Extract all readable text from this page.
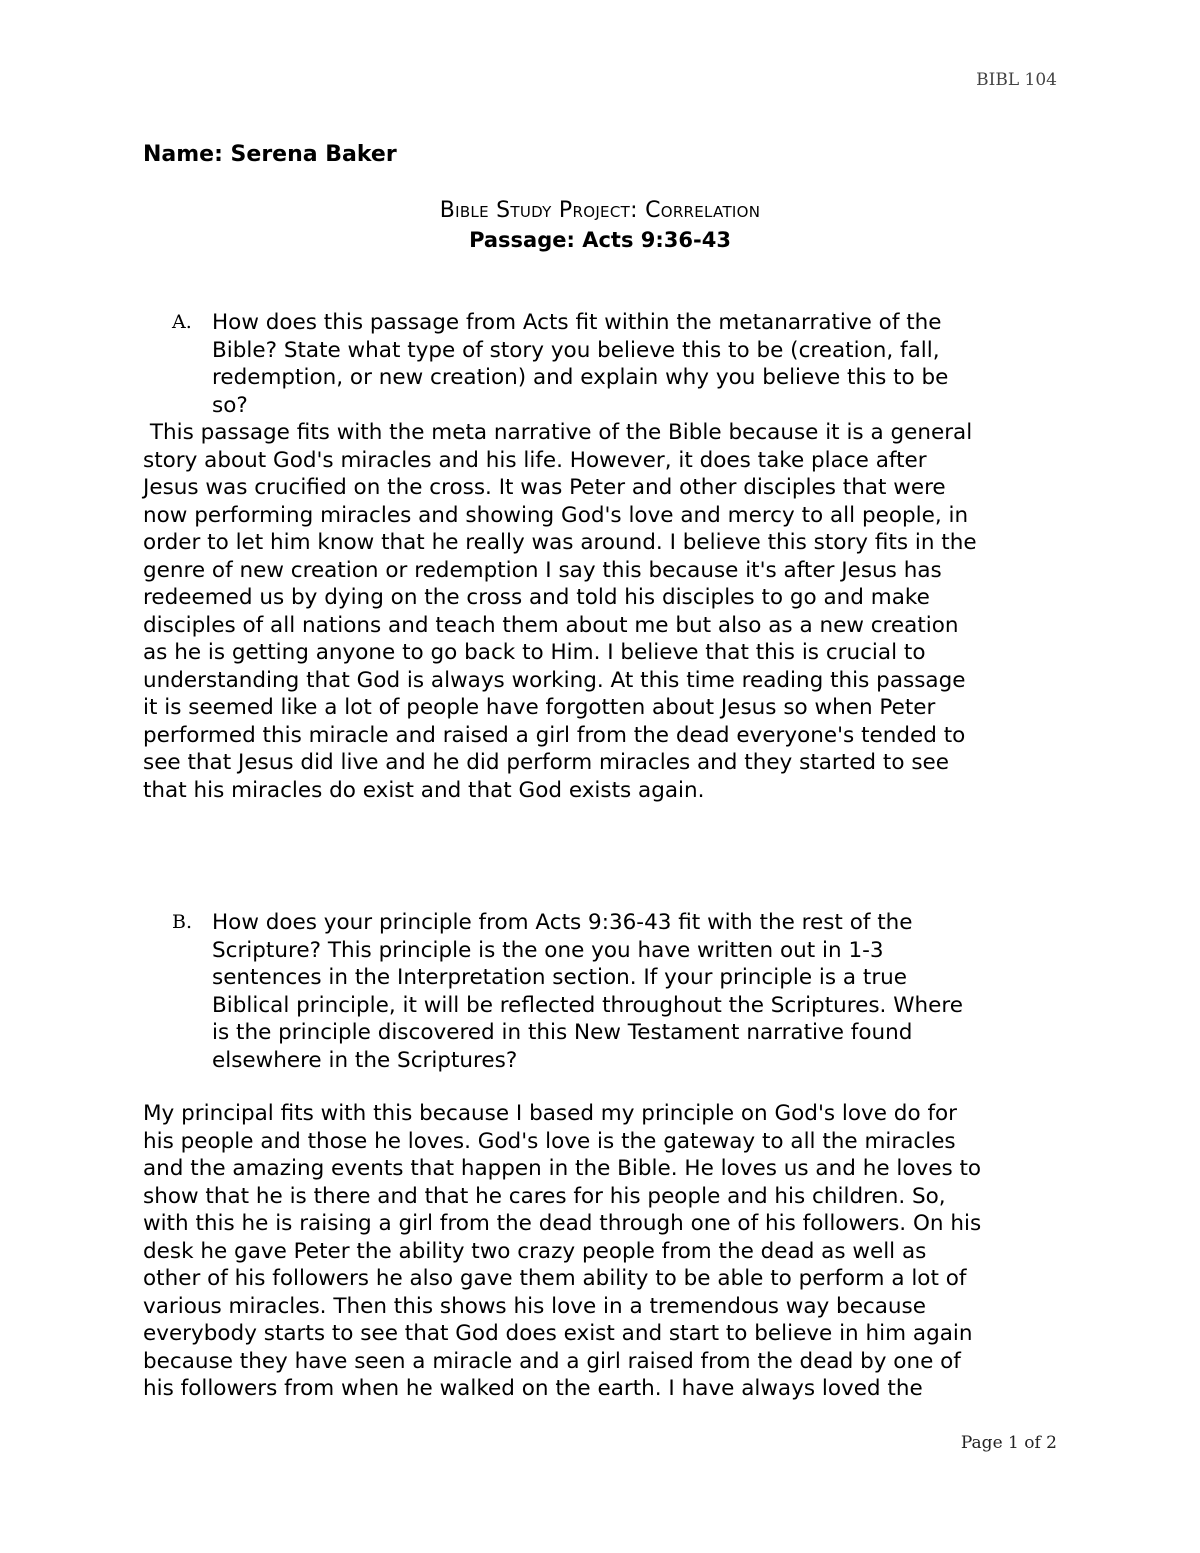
BIBL 104
Name: Serena Baker
Bible Study Project: Correlation
Passage: Acts 9:36-43
A. How does this passage from Acts fit within the metanarrative of the
Bible? State what type of story you believe this to be (creation, fall,
redemption, or new creation) and explain why you believe this to be
so?
This passage fits with the meta narrative of the Bible because it is a general
story about God's miracles and his life. However, it does take place after
Jesus was crucified on the cross. It was Peter and other disciples that were
now performing miracles and showing God's love and mercy to all people, in
order to let him know that he really was around. I believe this story fits in the
genre of new creation or redemption I say this because it's after Jesus has
redeemed us by dying on the cross and told his disciples to go and make
disciples of all nations and teach them about me but also as a new creation
as he is getting anyone to go back to Him. I believe that this is crucial to
understanding that God is always working. At this time reading this passage
it is seemed like a lot of people have forgotten about Jesus so when Peter
performed this miracle and raised a girl from the dead everyone's tended to
see that Jesus did live and he did perform miracles and they started to see
that his miracles do exist and that God exists again.
B. How does your principle from Acts 9:36-43 fit with the rest of the
Scripture? This principle is the one you have written out in 1-3
sentences in the Interpretation section. If your principle is a true
Biblical principle, it will be reflected throughout the Scriptures. Where
is the principle discovered in this New Testament narrative found
elsewhere in the Scriptures?
My principal fits with this because I based my principle on God's love do for
his people and those he loves. God's love is the gateway to all the miracles
and the amazing events that happen in the Bible. He loves us and he loves to
show that he is there and that he cares for his people and his children. So,
with this he is raising a girl from the dead through one of his followers. On his
desk he gave Peter the ability two crazy people from the dead as well as
other of his followers he also gave them ability to be able to perform a lot of
various miracles. Then this shows his love in a tremendous way because
everybody starts to see that God does exist and start to believe in him again
because they have seen a miracle and a girl raised from the dead by one of
his followers from when he walked on the earth. I have always loved the
Page 1 of 2
